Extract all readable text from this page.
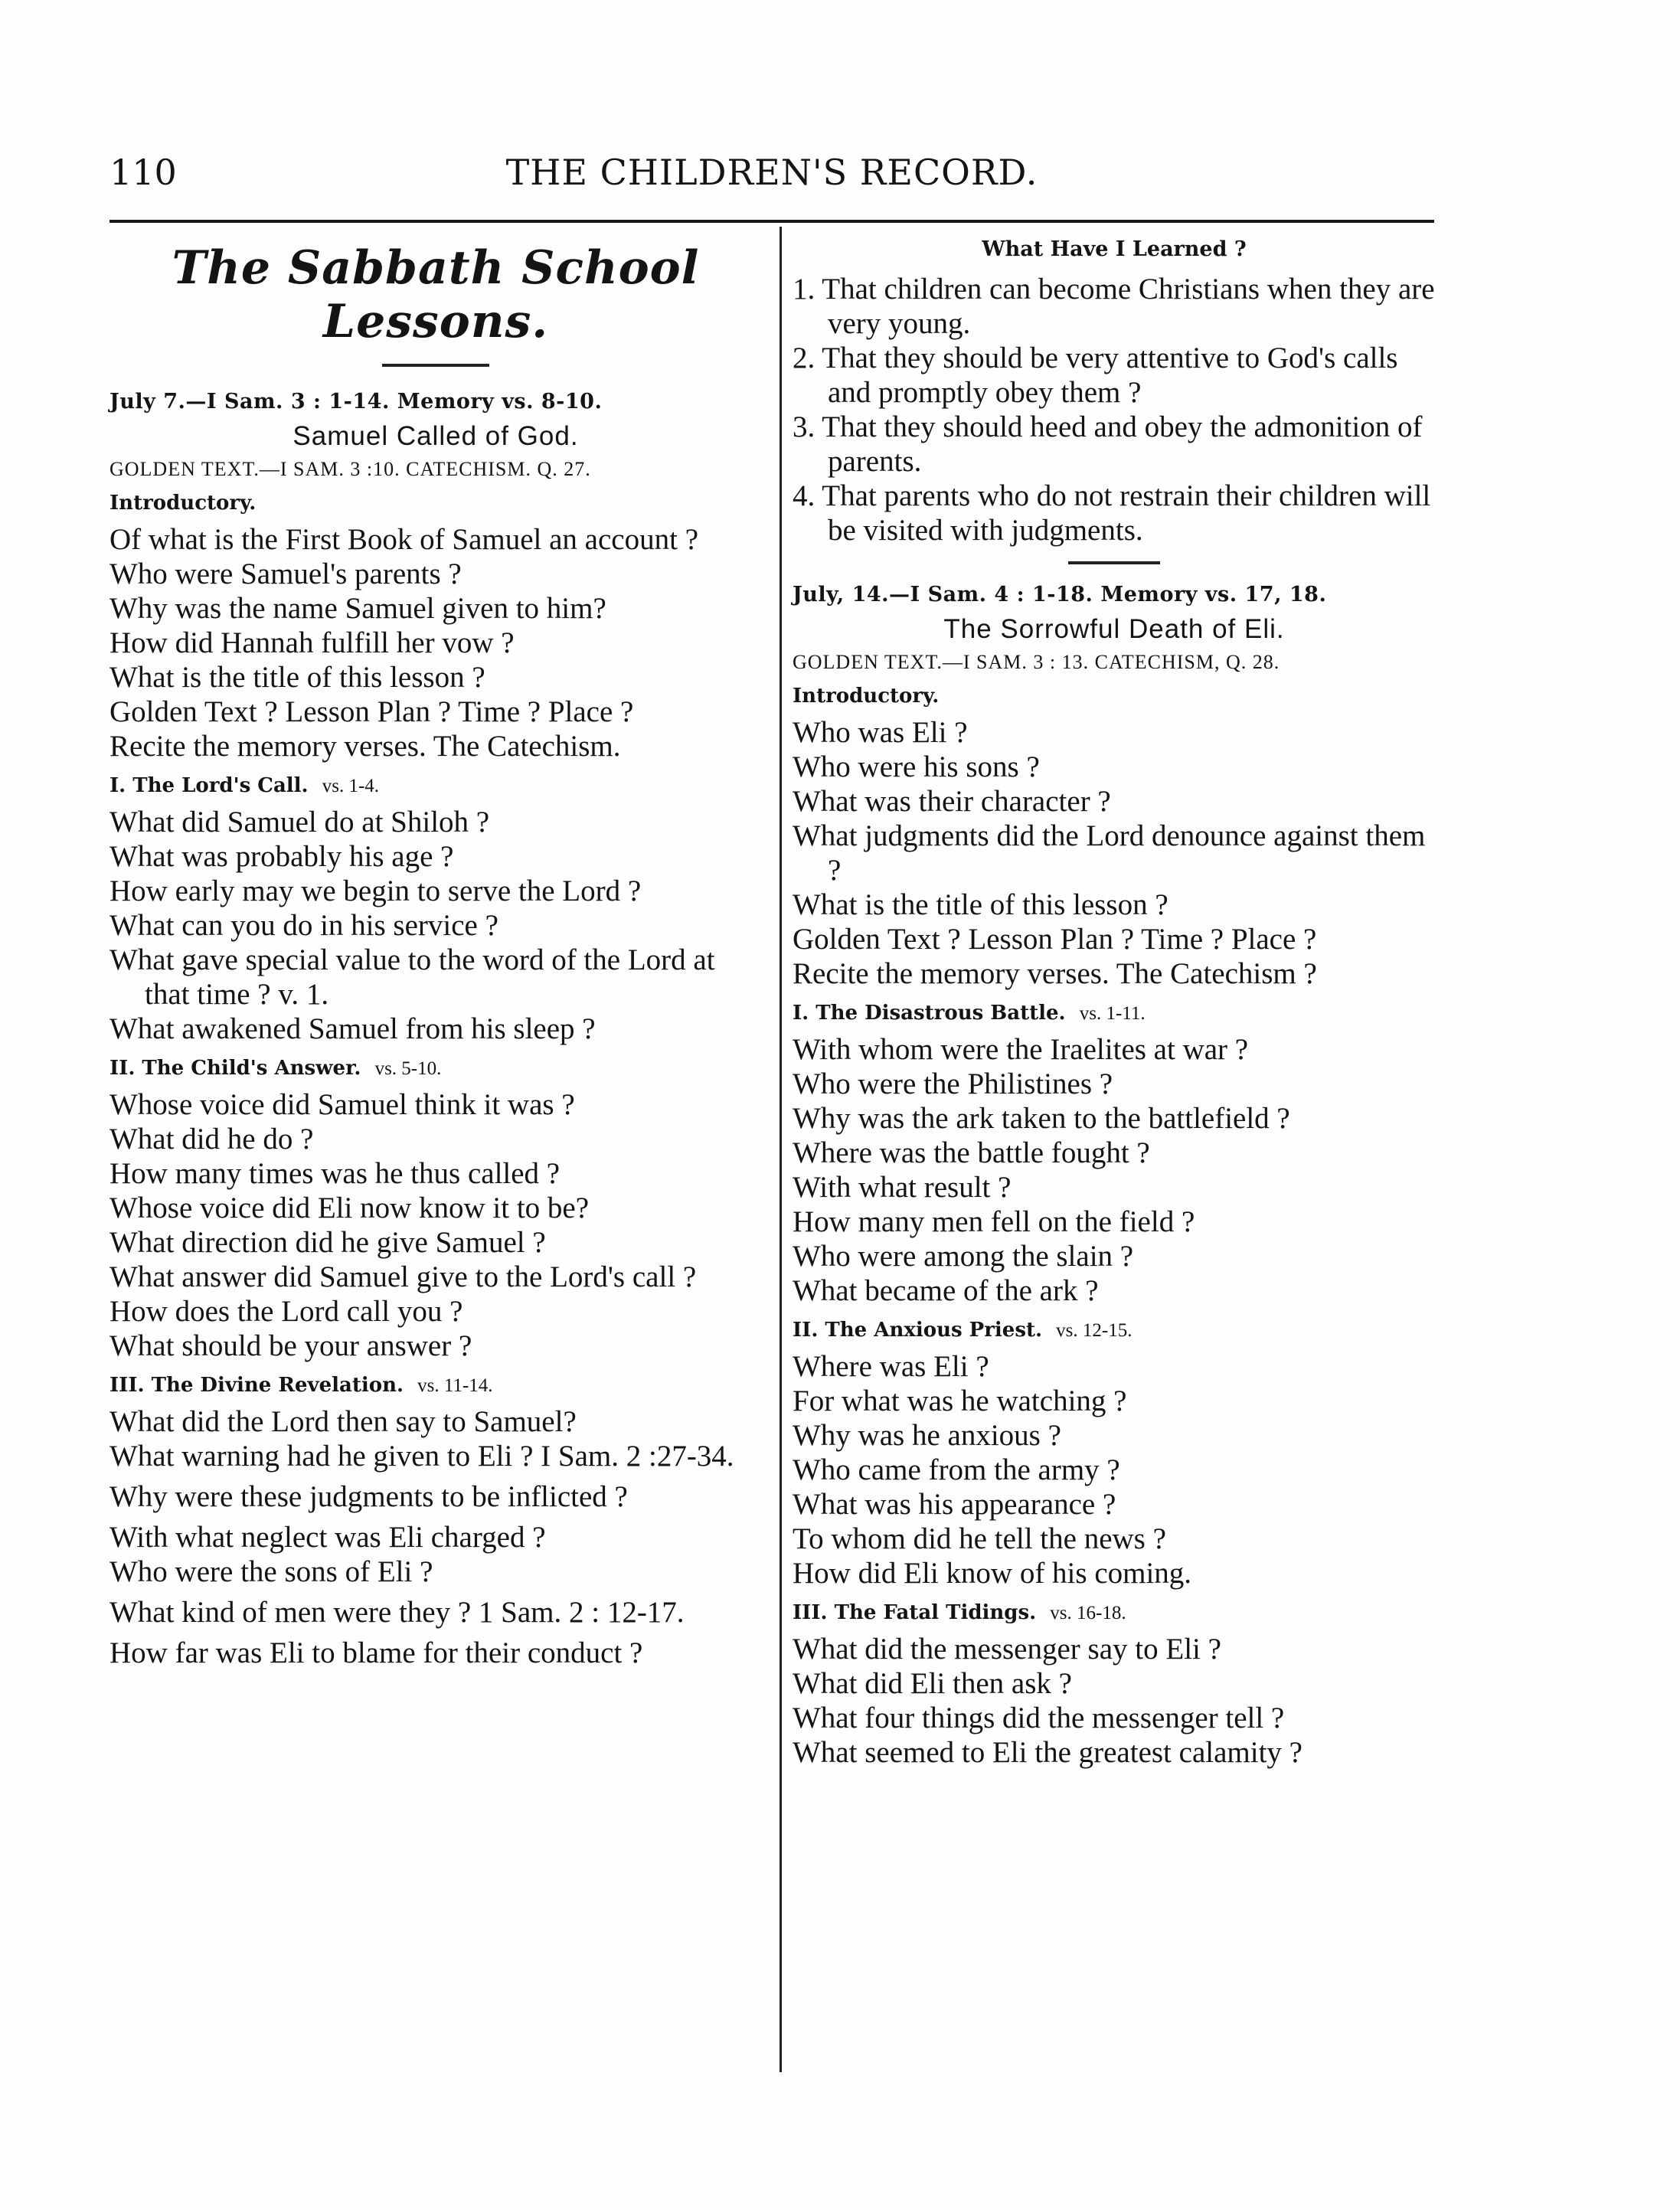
110	THE CHILDREN'S RECORD.
The Sabbath School Lessons.
July 7.—I Sam. 3 : 1-14. Memory vs. 8-10.
Samuel Called of God.
GOLDEN TEXT.—I SAM. 3 :10. CATECHISM. Q. 27.
Introductory.

Of what is the First Book of Samuel an account ?

Who were Samuel's parents ?

Why was the name Samuel given to him?

How did Hannah fulfill her vow ?

What is the title of this lesson ?

Golden Text ? Lesson Plan ? Time ? Place ?

Recite the memory verses. The Catechism.

I. The Lord's Call. vs. 1-4.

What did Samuel do at Shiloh ?

What was probably his age ?

How early may we begin to serve the Lord ?

What can you do in his service ?

What gave special value to the word of the Lord at that time ? v. 1.

What awakened Samuel from his sleep ?

II. The Child's Answer. vs. 5-10.

Whose voice did Samuel think it was ?

What did he do ?

How many times was he thus called ?

Whose voice did Eli now know it to be?

What direction did he give Samuel ?

What answer did Samuel give to the Lord's call ?

How does the Lord call you ?

What should be your answer ?

III. The Divine Revelation. vs. 11-14.

What did the Lord then say to Samuel?

What warning had he given to Eli ? I Sam. 2 :27-34.

Why were these judgments to be inflicted ?

With what neglect was Eli charged ?

Who were the sons of Eli ?

What kind of men were they ? 1 Sam. 2 : 12-17.

How far was Eli to blame for their conduct ?

What Have I Learned ?

1. That children can become Christians when they are very young.

2. That they should be very attentive to God's calls and promptly obey them ?

3. That they should heed and obey the admonition of parents.

4. That parents who do not restrain their children will be visited with judgments.

July, 14.—I Sam. 4 : 1-18. Memory vs. 17, 18.
The Sorrowful Death of Eli.
GOLDEN TEXT.—I SAM. 3 : 13. CATECHISM, Q. 28.
Introductory.

Who was Eli ?

Who were his sons ?

What was their character ?

What judgments did the Lord denounce against them ?

What is the title of this lesson ?

Golden Text ? Lesson Plan ? Time ? Place ?

Recite the memory verses. The Catechism ?

I. The Disastrous Battle. vs. 1-11.

With whom were the Iraelites at war ?

Who were the Philistines ?

Why was the ark taken to the battlefield ?

Where was the battle fought ?

With what result ?

How many men fell on the field ?

Who were among the slain ?

What became of the ark ?

II. The Anxious Priest. vs. 12-15.

Where was Eli ?

For what was he watching ?

Why was he anxious ?

Who came from the army ?

What was his appearance ?

To whom did he tell the news ?

How did Eli know of his coming.

III. The Fatal Tidings. vs. 16-18.

What did the messenger say to Eli ?

What did Eli then ask ?

What four things did the messenger tell ?

What seemed to Eli the greatest calamity ?
